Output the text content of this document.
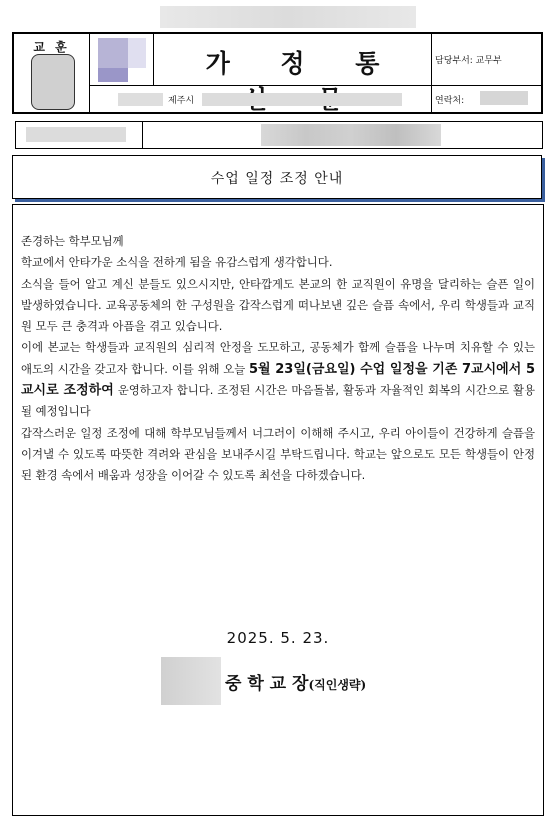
교 훈
가 정 통	담당부서: 교무부
제주시	연락처:
수업 일정 조정 안내

존경하는 학부모님께

학교에서 안타가운 소식을 전하게 됨을 유감스럽게 생각합니다.

소식을 들어 알고 계신 분들도 있으시지만, 안타깝게도 본교의 한 교직원이 유명을 달리하는 슬픈 일이 발생하였습니다. 교육공동체의 한 구성원을 갑작스럽게 떠나보낸 깊은 슬픔 속에서, 우리 학생들과 교직원 모두 큰 충격과 아픔을 겪고 있습니다.

이에 본교는 학생들과 교직원의 심리적 안정을 도모하고, 공동체가 함께 슬픔을 나누며 치유할 수 있는 애도의 시간을 갖고자 합니다. 이를 위해 오늘 5월 23일(금요일) 수업 일정을 기존 7교시에서 5교시로 조정하여 운영하고자 합니다. 조정된 시간은 마음돌봄, 활동과 자율적인 회복의 시간으로 활용될 예정입니다

갑작스러운 일정 조정에 대해 학부모님들께서 너그러이 이해해 주시고, 우리 아이들이 건강하게 슬픔을 이겨낼 수 있도록 따뜻한 격려와 관심을 보내주시길 부탁드립니다. 학교는 앞으로도 모든 학생들이 안정된 환경 속에서 배움과 성장을 이어갈 수 있도록 최선을 다하겠습니다.

2025. 5. 23.
중 학 교 장(직인생략)
